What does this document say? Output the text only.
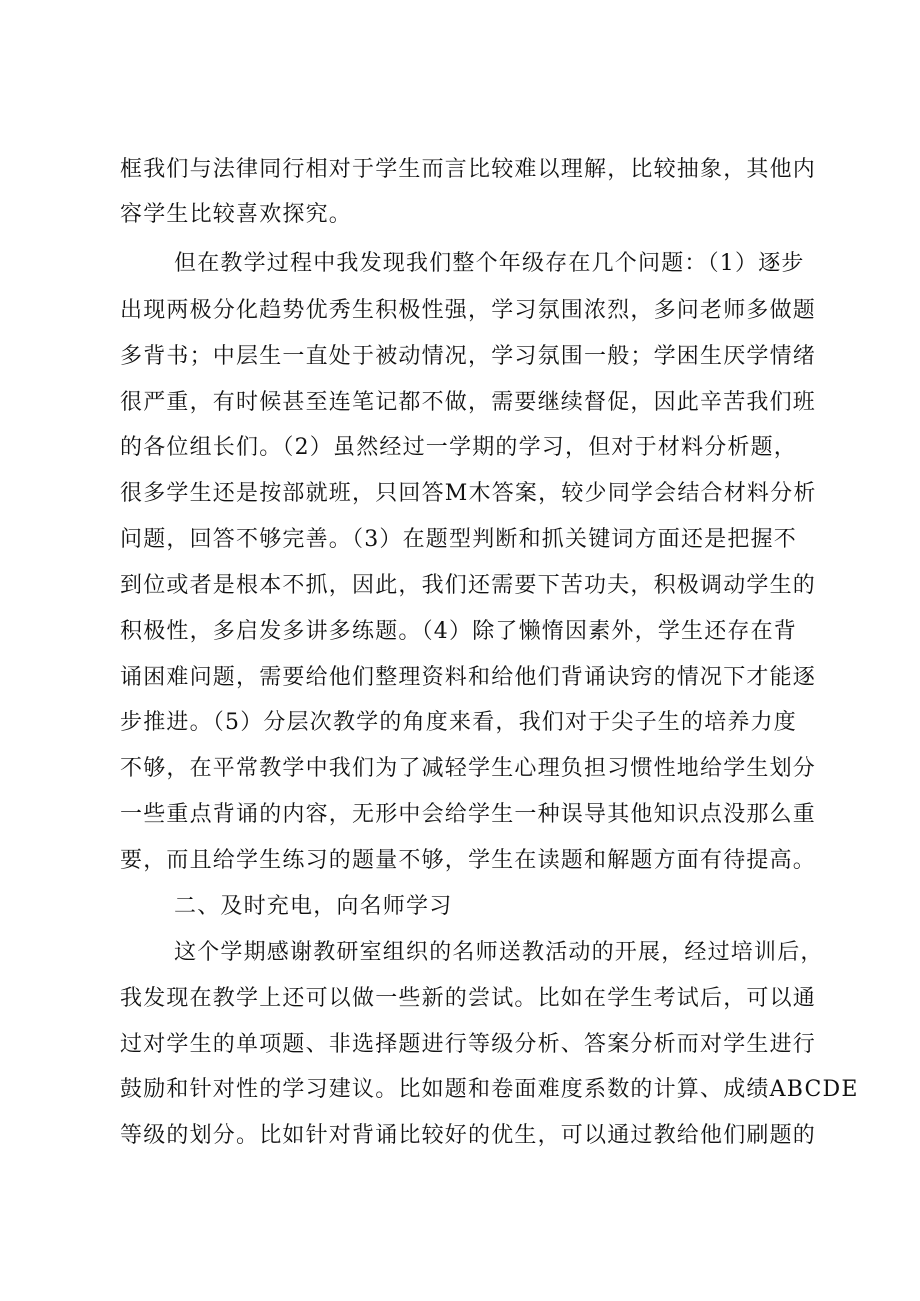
框我们与法律同行相对于学生而言比较难以理解，比较抽象，其他内
容学生比较喜欢探究。
但在教学过程中我发现我们整个年级存在几个问题：（1）逐步
出现两极分化趋势优秀生积极性强，学习氛围浓烈，多问老师多做题
多背书；中层生一直处于被动情况，学习氛围一般；学困生厌学情绪
很严重，有时候甚至连笔记都不做，需要继续督促，因此辛苦我们班
的各位组长们。（2）虽然经过一学期的学习，但对于材料分析题，
很多学生还是按部就班，只回答M木答案，较少同学会结合材料分析
问题，回答不够完善。（3）在题型判断和抓关键词方面还是把握不
到位或者是根本不抓，因此，我们还需要下苦功夫，积极调动学生的
积极性，多启发多讲多练题。（4）除了懒惰因素外，学生还存在背
诵困难问题，需要给他们整理资料和给他们背诵诀窍的情况下才能逐
步推进。（5）分层次教学的角度来看，我们对于尖子生的培养力度
不够，在平常教学中我们为了减轻学生心理负担习惯性地给学生划分
一些重点背诵的内容，无形中会给学生一种误导其他知识点没那么重
要，而且给学生练习的题量不够，学生在读题和解题方面有待提高。
二、及时充电，向名师学习
这个学期感谢教研室组织的名师送教活动的开展，经过培训后，
我发现在教学上还可以做一些新的尝试。比如在学生考试后，可以通
过对学生的单项题、非选择题进行等级分析、答案分析而对学生进行
鼓励和针对性的学习建议。比如题和卷面难度系数的计算、成绩ABCDE
等级的划分。比如针对背诵比较好的优生，可以通过教给他们刷题的
